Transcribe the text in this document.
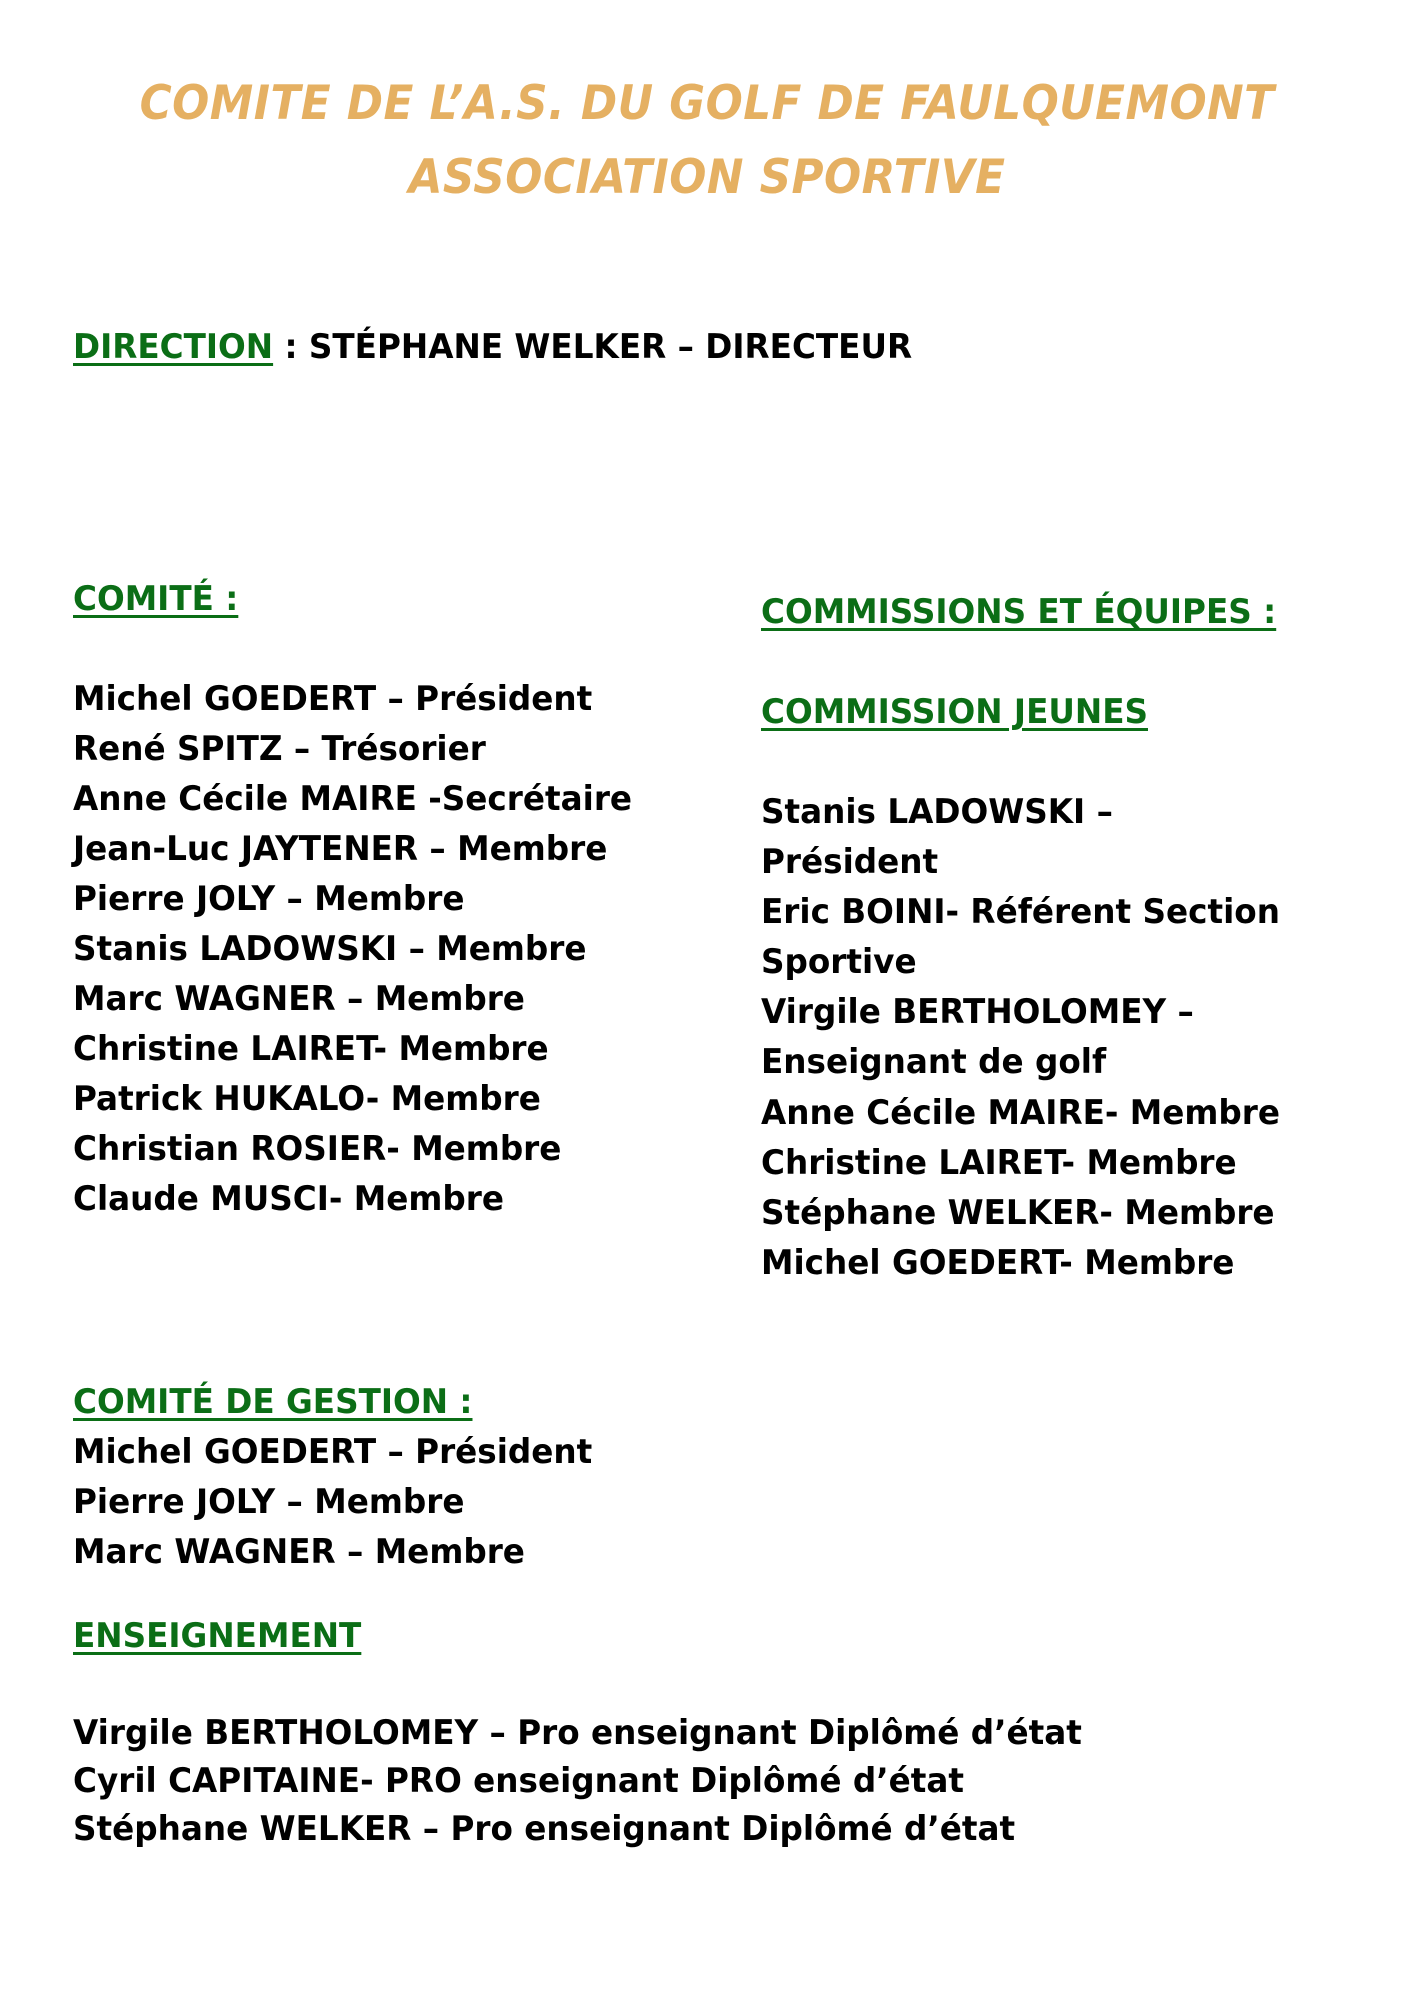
COMITE DE L’A.S. DU GOLF DE FAULQUEMONT
ASSOCIATION SPORTIVE
DIRECTION : STÉPHANE WELKER – DIRECTEUR
COMITÉ :
Michel GOEDERT – Président
René SPITZ – Trésorier
Anne Cécile MAIRE -Secrétaire
Jean-Luc JAYTENER – Membre
Pierre JOLY – Membre
Stanis LADOWSKI – Membre
Marc WAGNER – Membre
Christine LAIRET- Membre
Patrick HUKALO- Membre
Christian ROSIER- Membre
Claude MUSCI- Membre
COMMISSIONS ET ÉQUIPES :
COMMISSION JEUNES
Stanis LADOWSKI – Président
Eric BOINI- Référent Section Sportive
Virgile BERTHOLOMEY – Enseignant de golf
Anne Cécile MAIRE- Membre
Christine LAIRET- Membre
Stéphane WELKER- Membre
Michel GOEDERT- Membre
COMITÉ DE GESTION :
Michel GOEDERT – Président
Pierre JOLY – Membre
Marc WAGNER – Membre
ENSEIGNEMENT
Virgile BERTHOLOMEY – Pro enseignant Diplômé d’état
Cyril CAPITAINE- PRO enseignant Diplômé d’état
Stéphane WELKER – Pro enseignant Diplômé d’état
